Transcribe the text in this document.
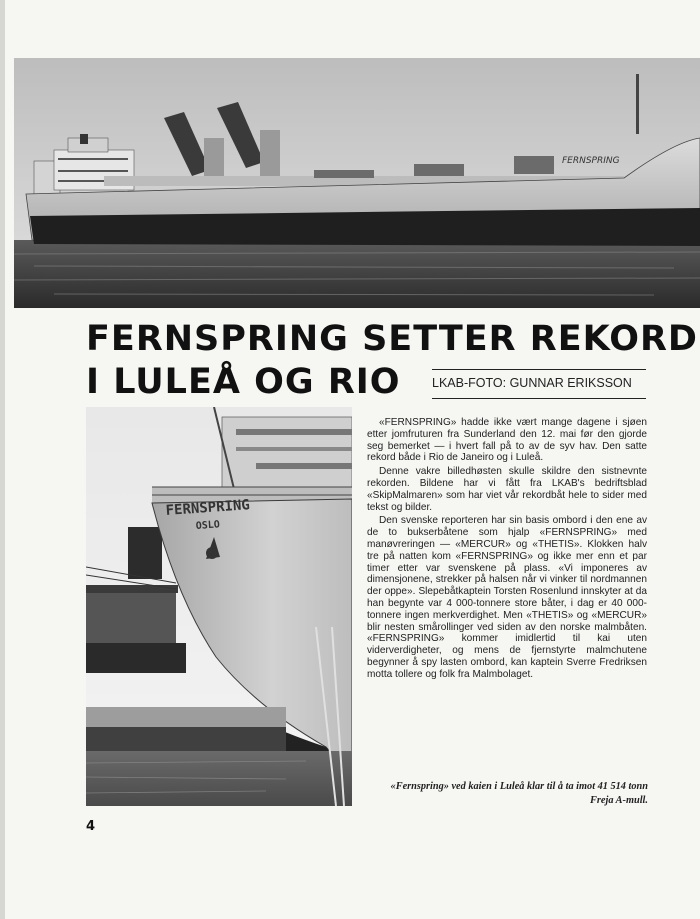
FERNSPRING
FERNSPRING SETTER REKORD
I LULEÅ OG RIO	LKAB-FOTO: GUNNAR ERIKSSON
FERNSPRING
OSLO

«FERNSPRING» hadde ikke vært mange dagene i sjøen etter jomfruturen fra Sunderland den 12. mai før den gjorde seg bemerket — i hvert fall på to av de syv hav. Den satte rekord både i Rio de Janeiro og i Luleå.

Denne vakre billedhøsten skulle skildre den sistnevnte rekorden. Bildene har vi fått fra LKAB's bedriftsblad «SkipMalmaren» som har viet vår rekordbåt hele to sider med tekst og bilder.

Den svenske reporteren har sin basis ombord i den ene av de to bukserbåtene som hjalp «FERNSPRING» med manøvreringen — «MERCUR» og «THETIS». Klokken halv tre på natten kom «FERNSPRING» og ikke mer enn et par timer etter var svenskene på plass. «Vi imponeres av dimensjonene, strekker på halsen når vi vinker til nordmannen der oppe». Slepebåtkaptein Torsten Rosenlund innskyter at da han begynte var 4 000-tonnere store båter, i dag er 40 000-tonnere ingen merkverdighet. Men «THETIS» og «MERCUR» blir nesten smårollinger ved siden av den norske malmbåten. «FERNSPRING» kommer imidlertid til kai uten viderverdigheter, og mens de fjernstyrte malmchutene begynner å spy lasten ombord, kan kaptein Sverre Fredriksen motta tollere og folk fra Malmbolaget.

«Fernspring» ved kaien i Luleå klar til å ta imot 41 514 tonn Freja A-mull.
4
